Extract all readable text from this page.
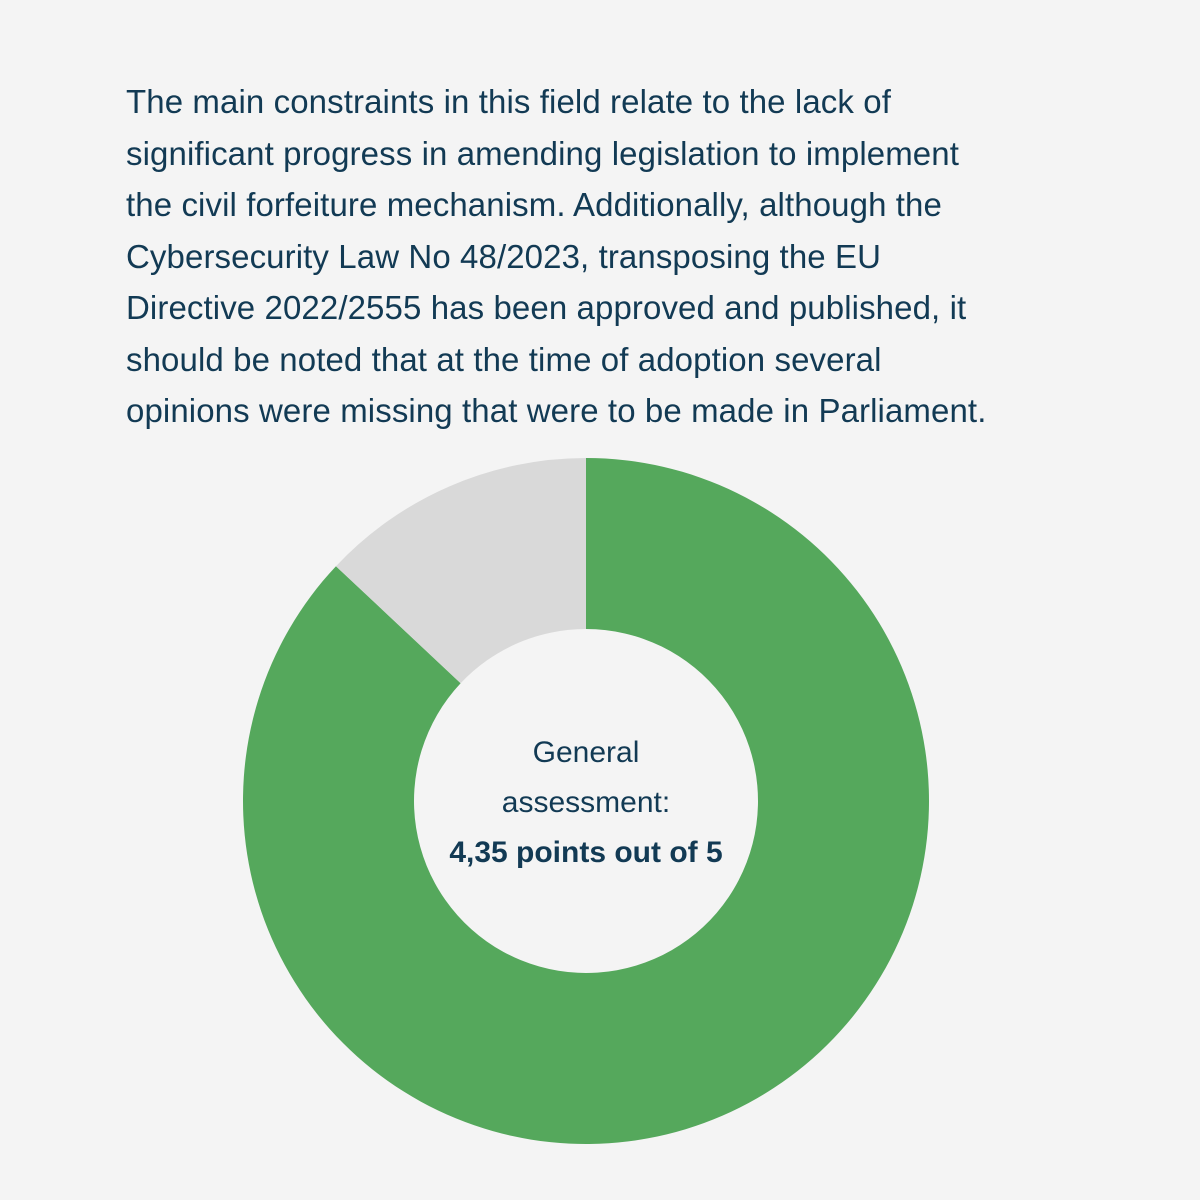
The main constraints in this field relate to the lack of
significant progress in amending legislation to implement
the civil forfeiture mechanism. Additionally, although the
Cybersecurity Law No 48/2023, transposing the EU
Directive 2022/2555 has been approved and published, it
should be noted that at the time of adoption several
opinions were missing that were to be made in Parliament.

General
assessment:
4,35 points out of 5
